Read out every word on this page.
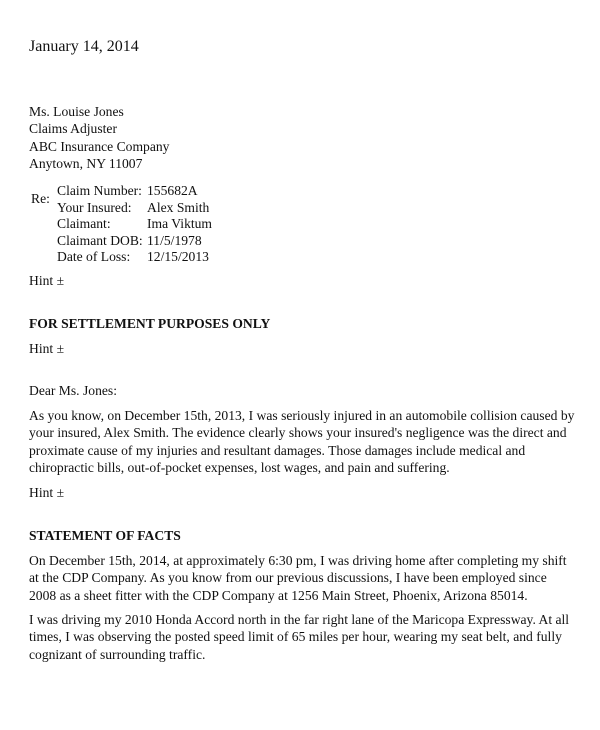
January 14, 2014
Ms. Louise Jones
Claims Adjuster
ABC Insurance Company
Anytown, NY 11007
Re:
Claim Number:	155682A
Your Insured:	Alex Smith
Claimant:	Ima Viktum
Claimant DOB:	11/5/1978
Date of Loss:	12/15/2013
Hint ±
FOR SETTLEMENT PURPOSES ONLY
Hint ±
Dear Ms. Jones:
As you know, on December 15th, 2013, I was seriously injured in an automobile collision caused by
your insured, Alex Smith. The evidence clearly shows your insured's negligence was the direct and
proximate cause of my injuries and resultant damages. Those damages include medical and
chiropractic bills, out-of-pocket expenses, lost wages, and pain and suffering.
Hint ±
STATEMENT OF FACTS
On December 15th, 2014, at approximately 6:30 pm, I was driving home after completing my shift
at the CDP Company. As you know from our previous discussions, I have been employed since
2008 as a sheet fitter with the CDP Company at 1256 Main Street, Phoenix, Arizona 85014.
I was driving my 2010 Honda Accord north in the far right lane of the Maricopa Expressway. At all
times, I was observing the posted speed limit of 65 miles per hour, wearing my seat belt, and fully
cognizant of surrounding traffic.
